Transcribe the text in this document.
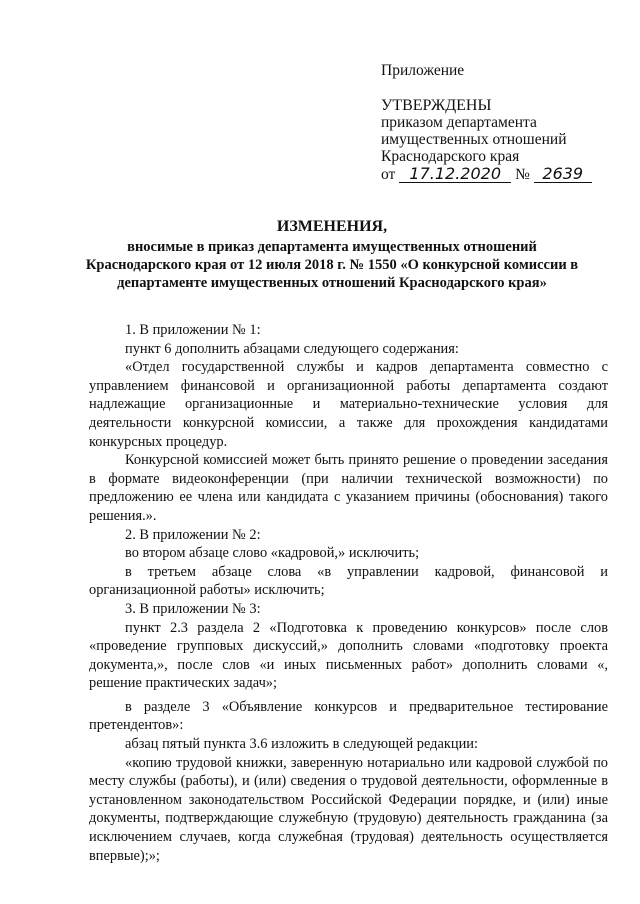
Приложение
УТВЕРЖДЕНЫ
приказом департамента
имущественных отношений
Краснодарского края
от 17.12.2020 № 2639
ИЗМЕНЕНИЯ,
вносимые в приказ департамента имущественных отношений Краснодарского края от 12 июля 2018 г. № 1550 «О конкурсной комиссии в департаменте имущественных отношений Краснодарского края»

1. В приложении № 1:

пункт 6 дополнить абзацами следующего содержания:

«Отдел государственной службы и кадров департамента совместно с управлением финансовой и организационной работы департамента создают надлежащие организационные и материально-технические условия для деятельности конкурсной комиссии, а также для прохождения кандидатами конкурсных процедур.

Конкурсной комиссией может быть принято решение о проведении заседания в формате видеоконференции (при наличии технической возможности) по предложению ее члена или кандидата с указанием причины (обоснования) такого решения.».

2. В приложении № 2:

во втором абзаце слово «кадровой,» исключить;

в третьем абзаце слова «в управлении кадровой, финансовой и организационной работы» исключить;

3. В приложении № 3:

пункт 2.3 раздела 2 «Подготовка к проведению конкурсов» после слов «проведение групповых дискуссий,» дополнить словами «подготовку проекта документа,», после слов «и иных письменных работ» дополнить словами «, решение практических задач»;

в разделе 3 «Объявление конкурсов и предварительное тестирование претендентов»:

абзац пятый пункта 3.6 изложить в следующей редакции:

«копию трудовой книжки, заверенную нотариально или кадровой службой по месту службы (работы), и (или) сведения о трудовой деятельности, оформленные в установленном законодательством Российской Федерации порядке, и (или) иные документы, подтверждающие служебную (трудовую) деятельность гражданина (за исключением случаев, когда служебная (трудовая) деятельность осуществляется впервые);»;
